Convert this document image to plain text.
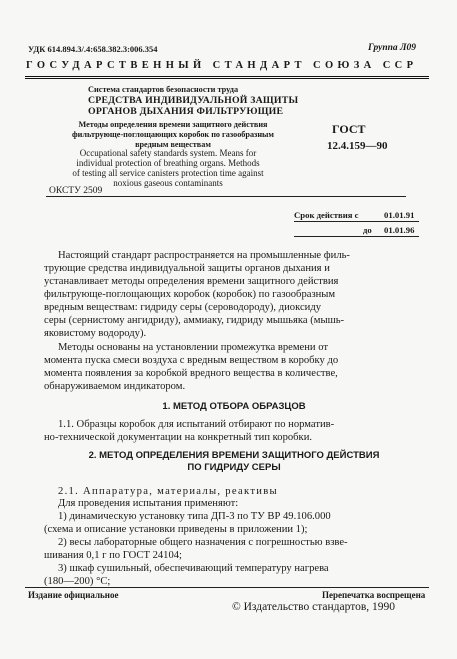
УДК 614.894.3/.4:658.382.3:006.354	Группа Л09
ГОСУДАРСТВЕННЫЙ СТАНДАРТ СОЮЗА ССР
Система стандартов безопасности труда
СРЕДСТВА ИНДИВИДУАЛЬНОЙ ЗАЩИТЫ
ОРГАНОВ ДЫХАНИЯ ФИЛЬТРУЮЩИЕ
Методы определения времени защитного действия
фильтрующе-поглощающих коробок по газообразным
вредным веществам
Occupational safety standards system. Means for
individual protection of breathing organs. Methods
of testing all service canisters protection time against
noxious gaseous contaminants
ОКСТУ 2509
ГОСТ
12.4.159—90
Срок действия с	01.01.91
до 01.01.96
Настоящий стандарт распространяется на промышленные филь-
трующие средства индивидуальной защиты органов дыхания и
устанавливает методы определения времени защитного действия
фильтрующе-поглощающих коробок (коробок) по газообразным
вредным веществам: гидриду серы (сероводороду), диоксиду
серы (сернистому ангидриду), аммиаку, гидриду мышьяка (мышь-
яковистому водороду).
Методы основаны на установлении промежутка времени от
момента пуска смеси воздуха с вредным веществом в коробку до
момента появления за коробкой вредного вещества в количестве,
обнаруживаемом индикатором.
1. МЕТОД ОТБОРА ОБРАЗЦОВ
1.1. Образцы коробок для испытаний отбирают по норматив-
но-технической документации на конкретный тип коробки.
2. МЕТОД ОПРЕДЕЛЕНИЯ ВРЕМЕНИ ЗАЩИТНОГО ДЕЙСТВИЯ
ПО ГИДРИДУ СЕРЫ
2.1. Аппаратура, материалы, реактивы
Для проведения испытания применяют:
1) динамическую установку типа ДП-3 по ТУ ВР 49.106.000
(схема и описание установки приведены в приложении 1);
2) весы лабораторные общего назначения с погрешностью взве-
шивания 0,1 г по ГОСТ 24104;
3) шкаф сушильный, обеспечивающий температуру нагрева
(180—200) °С;
Издание официальное	Перепечатка воспрещена
© Издательство стандартов, 1990
